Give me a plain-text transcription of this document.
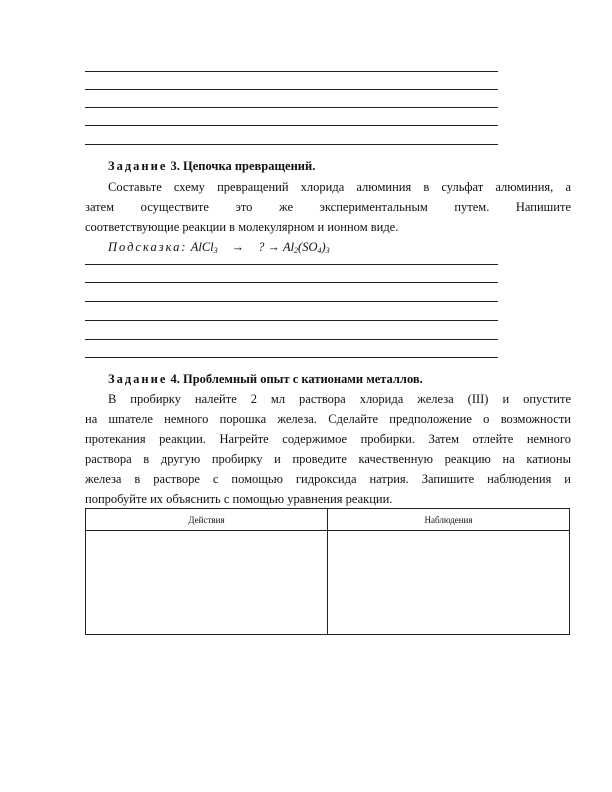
Задание 3. Цепочка превращений.
Составьте схему превращений хлорида алюминия в сульфат алюминия, а
затем осуществите это же экспериментальным путем. Напишите
соответствующие реакции в молекулярном и ионном виде.
Подсказка: AlCl$_3$ → ? → $Al_2(SO_4)_3$
Задание 4. Проблемный опыт с катионами металлов.
В пробирку налейте 2 мл раствора хлорида железа (III) и опустите
на шпателе немного порошка железа. Сделайте предположение о возможности
протекания реакции. Нагрейте содержимое пробирки. Затем отлейте немного
раствора в другую пробирку и проведите качественную реакцию на катионы
железа в растворе с помощью гидроксида натрия. Запишите наблюдения и
попробуйте их объяснить с помощью уравнения реакции.
Действия	Наблюдения
